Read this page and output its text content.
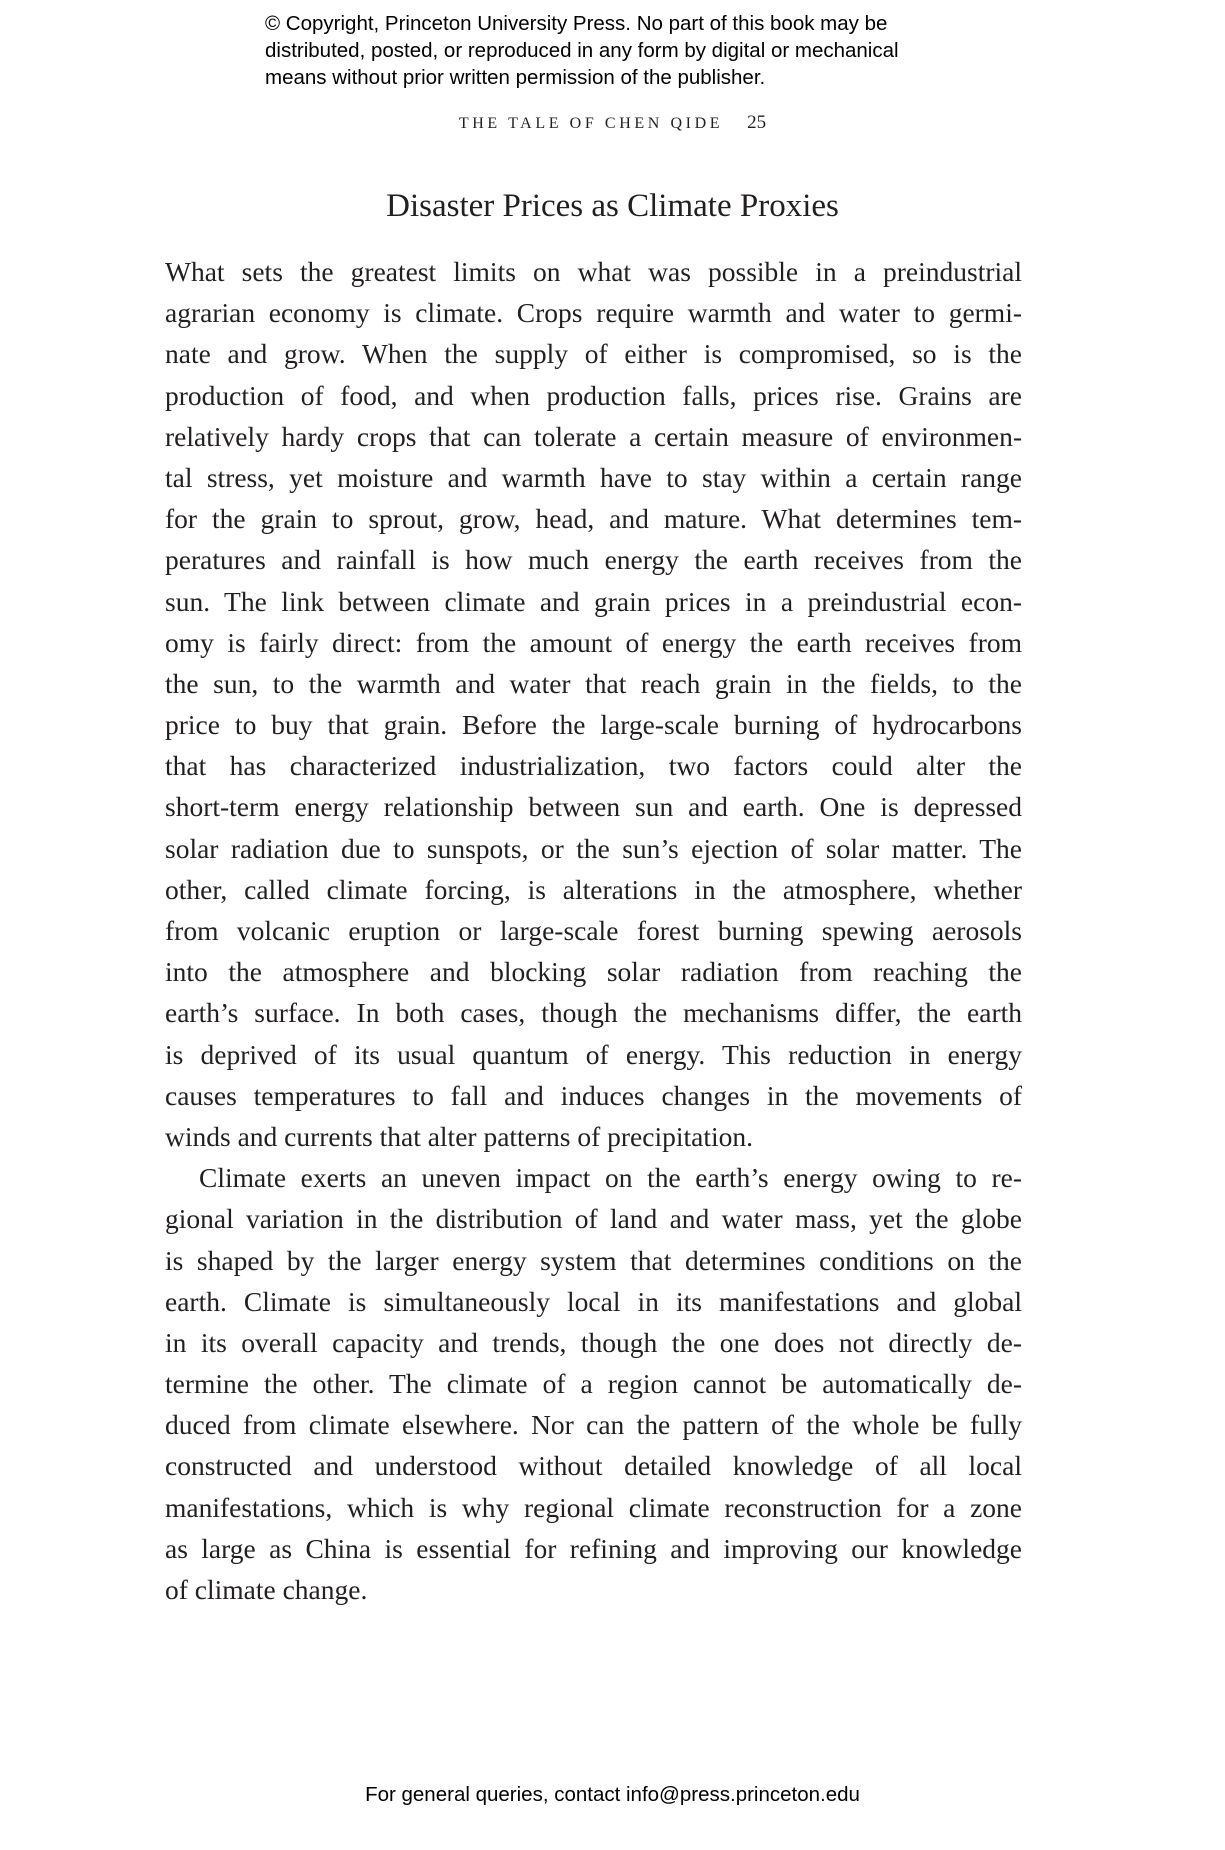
© Copyright, Princeton University Press. No part of this book may be
distributed, posted, or reproduced in any form by digital or mechanical
means without prior written permission of the publisher.
THE TALE OF CHEN QIDE 25
Disaster Prices as Climate Proxies
What sets the greatest limits on what was possible in a preindustrial
agrarian economy is climate. Crops require warmth and water to germi-
nate and grow. When the supply of either is compromised, so is the
production of food, and when production falls, prices rise. Grains are
relatively hardy crops that can tolerate a certain measure of environmen-
tal stress, yet moisture and warmth have to stay within a certain range
for the grain to sprout, grow, head, and mature. What determines tem-
peratures and rainfall is how much energy the earth receives from the
sun. The link between climate and grain prices in a preindustrial econ-
omy is fairly direct: from the amount of energy the earth receives from
the sun, to the warmth and water that reach grain in the fields, to the
price to buy that grain. Before the large-scale burning of hydrocarbons
that has characterized industrialization, two factors could alter the
short-term energy relationship between sun and earth. One is depressed
solar radiation due to sunspots, or the sun’s ejection of solar matter. The
other, called climate forcing, is alterations in the atmosphere, whether
from volcanic eruption or large-scale forest burning spewing aerosols
into the atmosphere and blocking solar radiation from reaching the
earth’s surface. In both cases, though the mechanisms differ, the earth
is deprived of its usual quantum of energy. This reduction in energy
causes temperatures to fall and induces changes in the movements of
winds and currents that alter patterns of precipitation.
Climate exerts an uneven impact on the earth’s energy owing to re-
gional variation in the distribution of land and water mass, yet the globe
is shaped by the larger energy system that determines conditions on the
earth. Climate is simultaneously local in its manifestations and global
in its overall capacity and trends, though the one does not directly de-
termine the other. The climate of a region cannot be automatically de-
duced from climate elsewhere. Nor can the pattern of the whole be fully
constructed and understood without detailed knowledge of all local
manifestations, which is why regional climate reconstruction for a zone
as large as China is essential for refining and improving our knowledge
of climate change.
For general queries, contact info@press.princeton.edu
